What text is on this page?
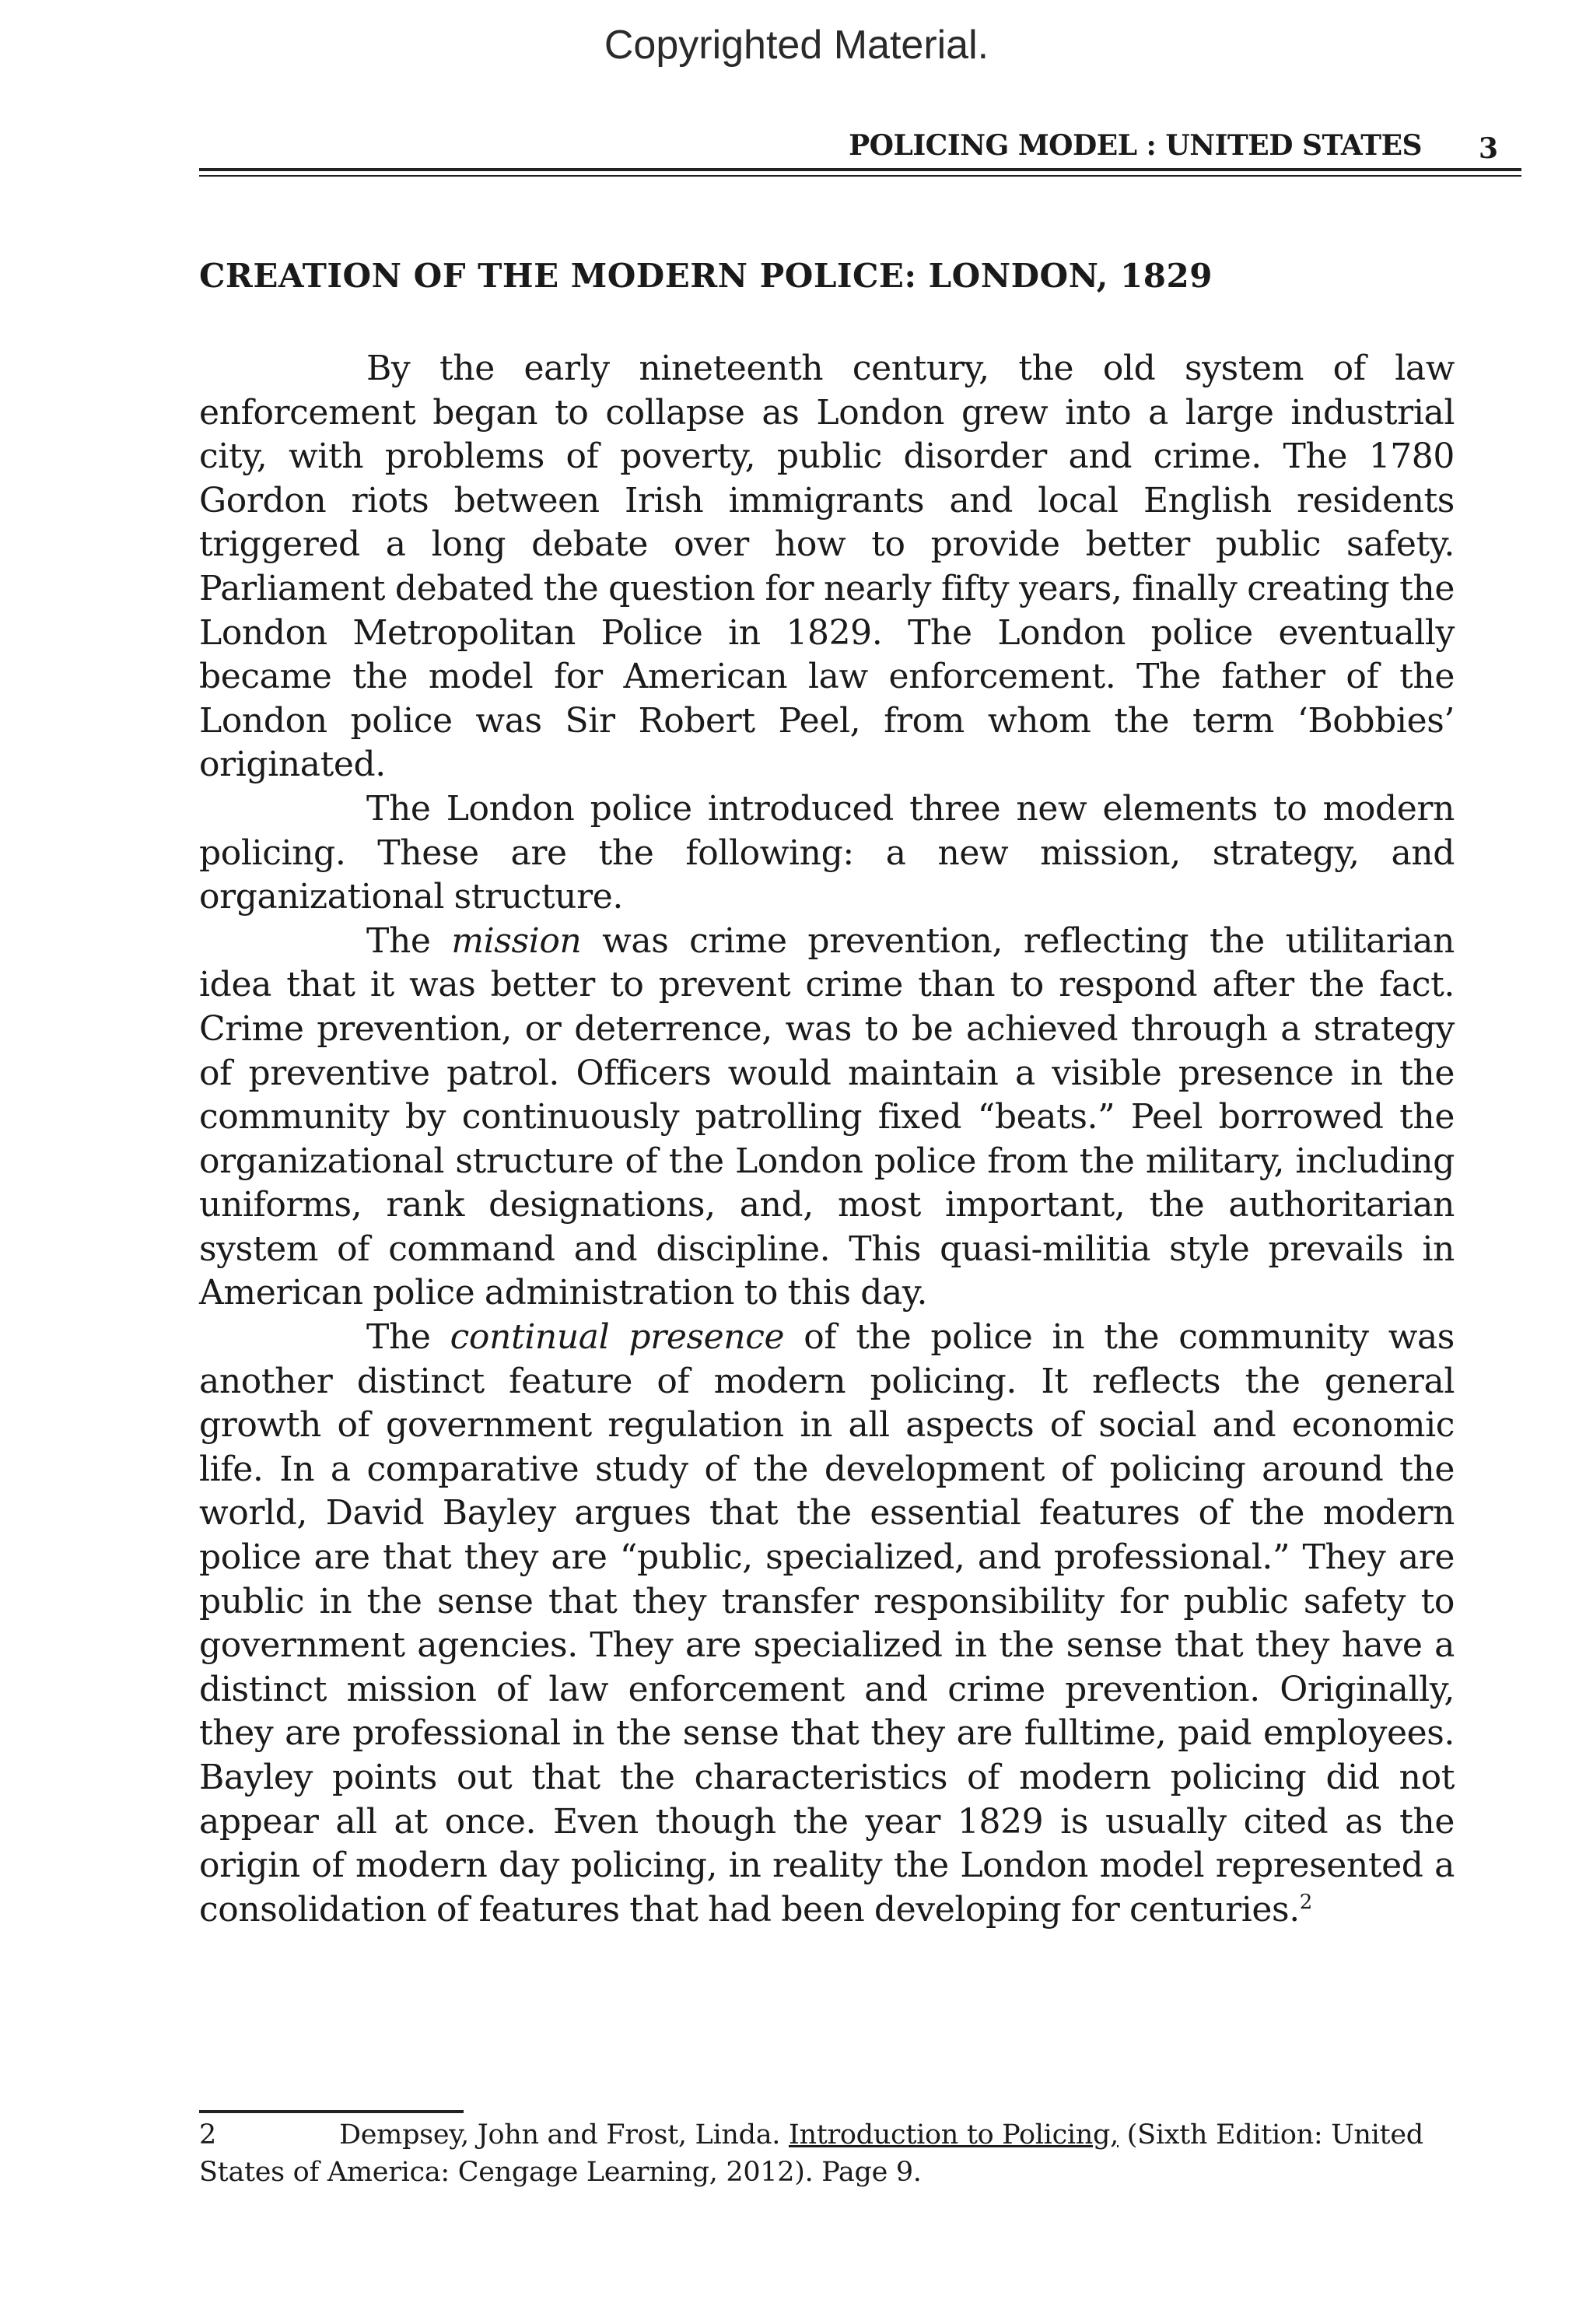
Copyrighted Material.
POLICING MODEL : UNITED STATES 3
CREATION OF THE MODERN POLICE: LONDON, 1829

By the early nineteenth century, the old system of law enforcement began to collapse as London grew into a large industrial city, with problems of poverty, public disorder and crime. The 1780 Gordon riots between Irish immigrants and local English residents triggered a long debate over how to provide better public safety. Parliament debated the question for nearly fifty years, finally creating the London Metropolitan Police in 1829. The London police eventually became the model for American law enforcement. The father of the London police was Sir Robert Peel, from whom the term ‘Bobbies’ originated.

The London police introduced three new elements to modern policing. These are the following: a new mission, strategy, and organizational structure.

The mission was crime prevention, reflecting the utilitarian idea that it was better to prevent crime than to respond after the fact. Crime prevention, or deterrence, was to be achieved through a strategy of preventive patrol. Officers would maintain a visible presence in the community by continuously patrolling fixed “beats.” Peel borrowed the organizational structure of the London police from the military, including uniforms, rank designations, and, most important, the authoritarian system of command and discipline. This quasi-militia style prevails in American police administration to this day.

The continual presence of the police in the community was another distinct feature of modern policing. It reflects the general growth of government regulation in all aspects of social and economic life. In a comparative study of the development of policing around the world, David Bayley argues that the essential features of the modern police are that they are “public, specialized, and professional.” They are public in the sense that they transfer responsibility for public safety to government agencies. They are specialized in the sense that they have a distinct mission of law enforcement and crime prevention. Originally, they are professional in the sense that they are fulltime, paid employees. Bayley points out that the characteristics of modern policing did not appear all at once. Even though the year 1829 is usually cited as the origin of modern day policing, in reality the London model represented a consolidation of features that had been developing for centuries.$^2$

2	Dempsey, John and Frost, Linda. Introduction to Policing, (Sixth Edition: United States of America: Cengage Learning, 2012). Page 9.
